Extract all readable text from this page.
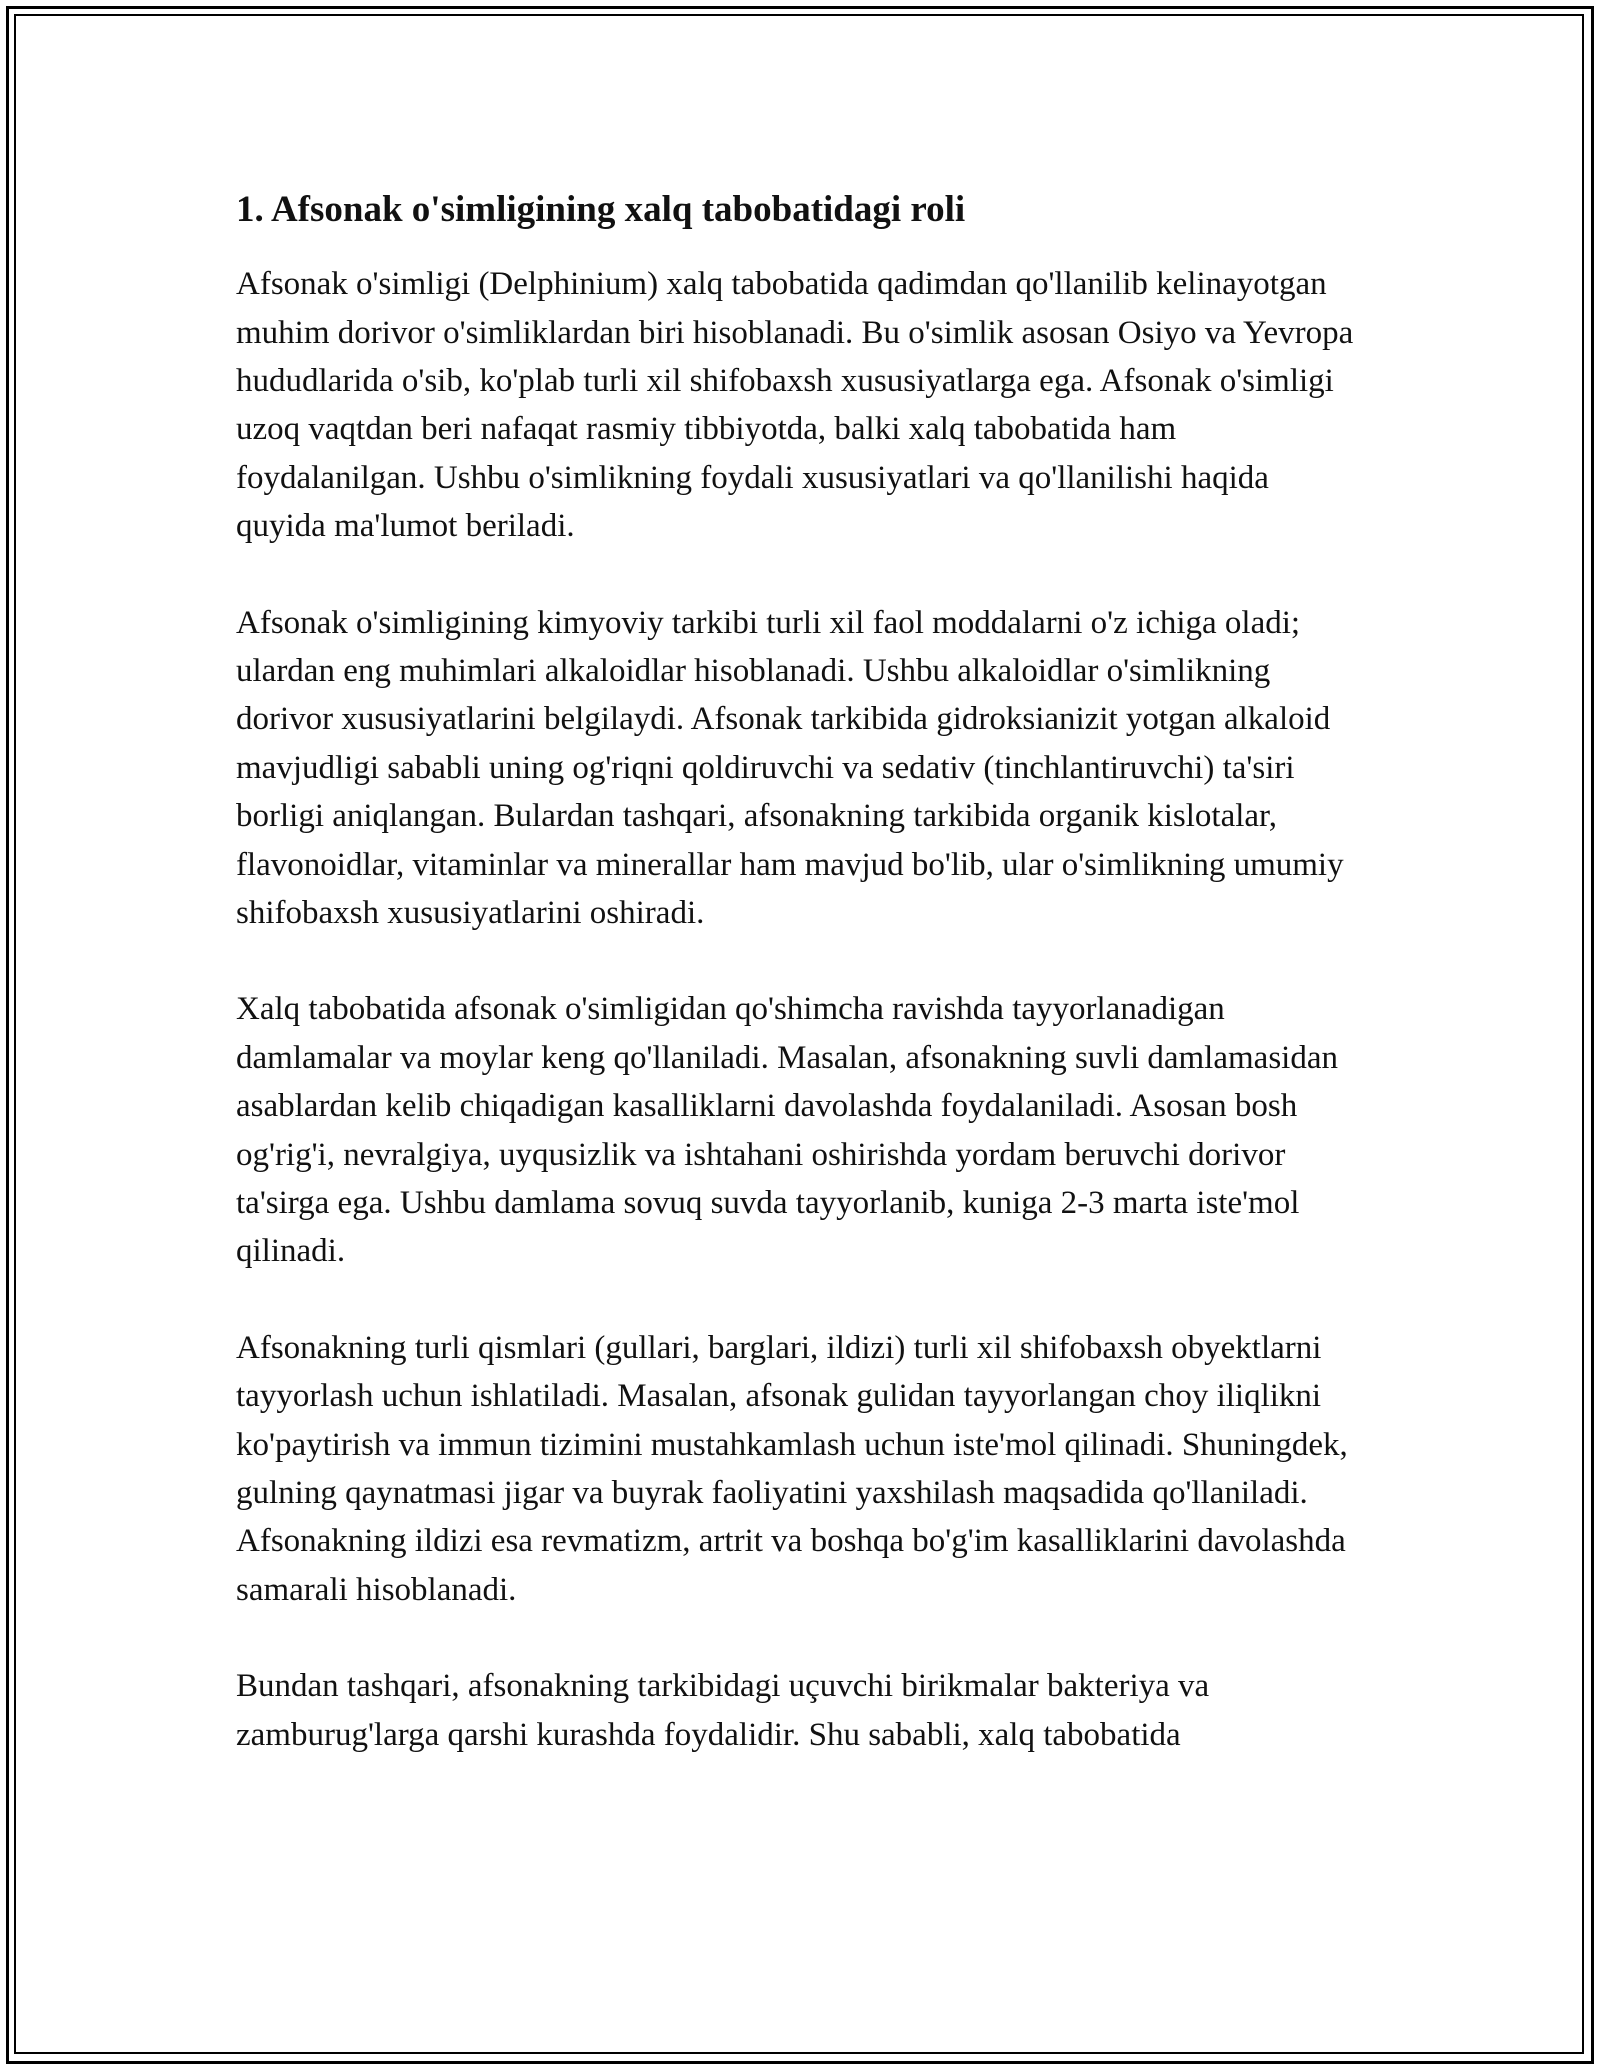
1. Afsonak o'simligining xalq tabobatidagi roli

Afsonak o'simligi (Delphinium) xalq tabobatida qadimdan qo'llanilib kelinayotgan muhim dorivor o'simliklardan biri hisoblanadi. Bu o'simlik asosan Osiyo va Yevropa hududlarida o'sib, ko'plab turli xil shifobaxsh xususiyatlarga ega. Afsonak o'simligi uzoq vaqtdan beri nafaqat rasmiy tibbiyotda, balki xalq tabobatida ham foydalanilgan. Ushbu o'simlikning foydali xususiyatlari va qo'llanilishi haqida quyida ma'lumot beriladi.

Afsonak o'simligining kimyoviy tarkibi turli xil faol moddalarni o'z ichiga oladi; ulardan eng muhimlari alkaloidlar hisoblanadi. Ushbu alkaloidlar o'simlikning dorivor xususiyatlarini belgilaydi. Afsonak tarkibida gidroksianizit yotgan alkaloid mavjudligi sababli uning og'riqni qoldiruvchi va sedativ (tinchlantiruvchi) ta'siri borligi aniqlangan. Bulardan tashqari, afsonakning tarkibida organik kislotalar, flavonoidlar, vitaminlar va minerallar ham mavjud bo'lib, ular o'simlikning umumiy shifobaxsh xususiyatlarini oshiradi.

Xalq tabobatida afsonak o'simligidan qo'shimcha ravishda tayyorlanadigan damlamalar va moylar keng qo'llaniladi. Masalan, afsonakning suvli damlamasidan asablardan kelib chiqadigan kasalliklarni davolashda foydalaniladi. Asosan bosh og'rig'i, nevralgiya, uyqusizlik va ishtahani oshirishda yordam beruvchi dorivor ta'sirga ega. Ushbu damlama sovuq suvda tayyorlanib, kuniga 2-3 marta iste'mol qilinadi.

Afsonakning turli qismlari (gullari, barglari, ildizi) turli xil shifobaxsh obyektlarni tayyorlash uchun ishlatiladi. Masalan, afsonak gulidan tayyorlangan choy iliqlikni ko'paytirish va immun tizimini mustahkamlash uchun iste'mol qilinadi. Shuningdek, gulning qaynatmasi jigar va buyrak faoliyatini yaxshilash maqsadida qo'llaniladi. Afsonakning ildizi esa revmatizm, artrit va boshqa bo'g'im kasalliklarini davolashda samarali hisoblanadi.

Bundan tashqari, afsonakning tarkibidagi uçuvchi birikmalar bakteriya va zamburug'larga qarshi kurashda foydalidir. Shu sababli, xalq tabobatida
